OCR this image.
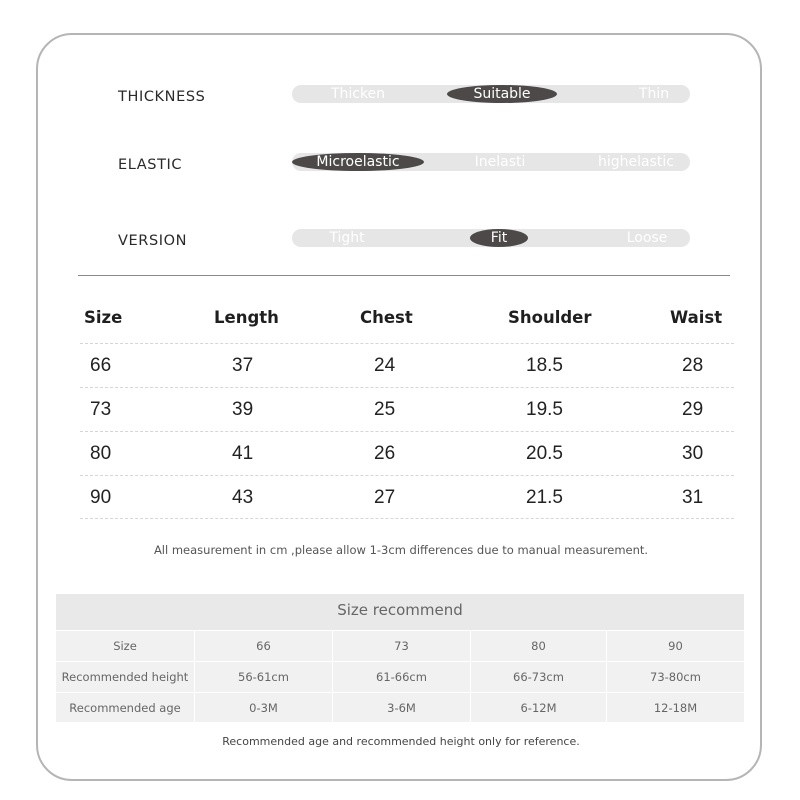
THICKNESS	Thicken	Suitable	Thin
ELASTIC	Microelastic	Inelasti	highelastic
VERSION	Tight	Fit	Loose
Size	Length	Chest	Shoulder	Waist
66	37	24	18.5	28
73	39	25	19.5	29
80	41	26	20.5	30
90	43	27	21.5	31
All measurement in cm ,please allow 1-3cm differences due to manual measurement.
Size recommend
Size	66	73	80	90
Recommended height	56-61cm	61-66cm	66-73cm	73-80cm
Recommended age	0-3M	3-6M	6-12M	12-18M
Recommended age and recommended height only for reference.
